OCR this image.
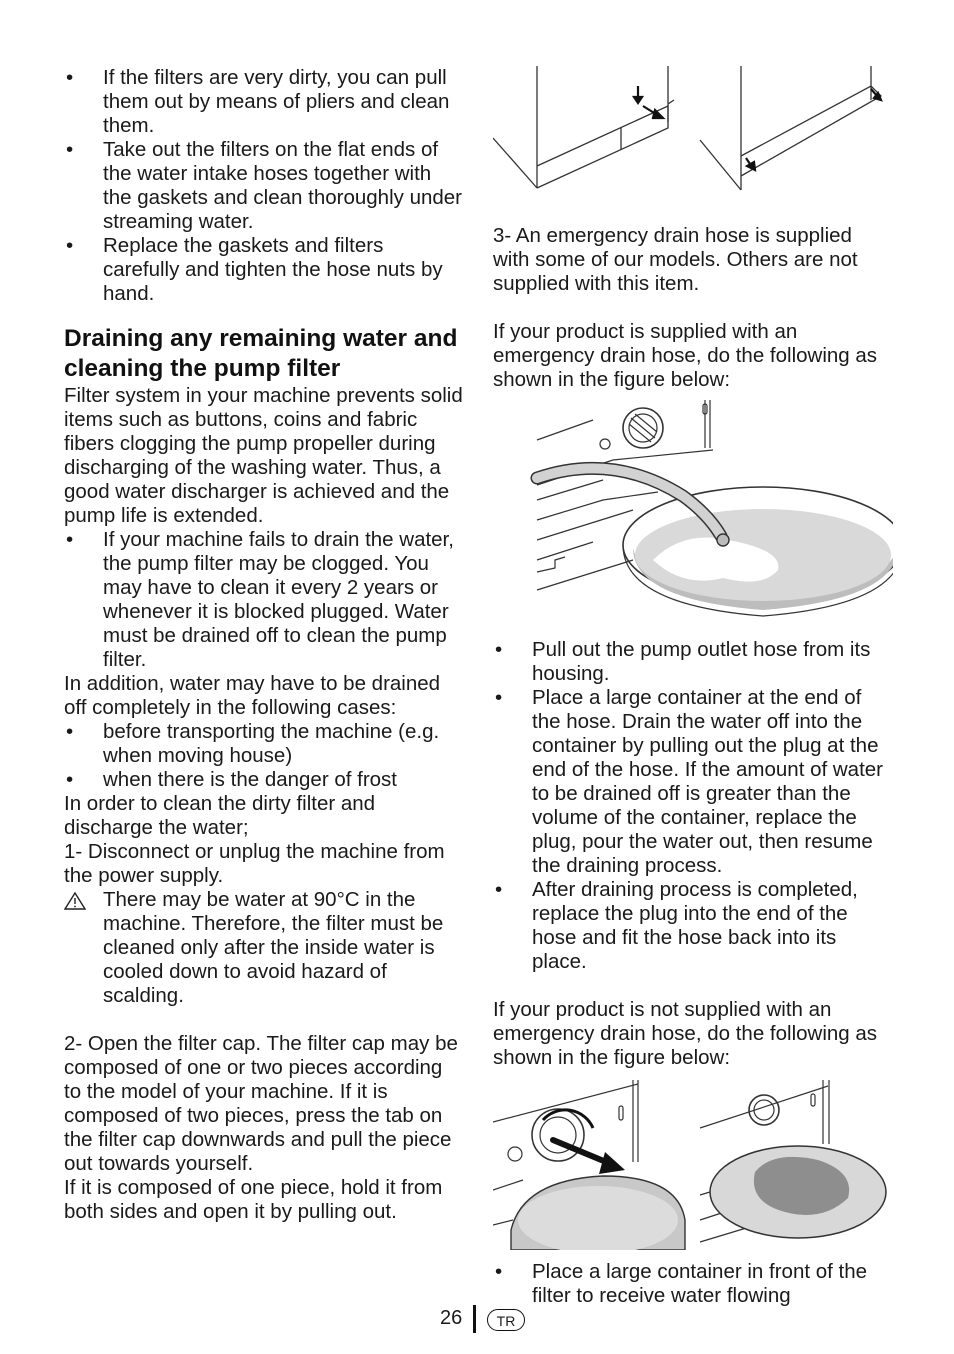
• If the filters are very dirty, you can pull them out by means of pliers and clean them.
• Take out the filters on the flat ends of the water intake hoses together with the gaskets and clean thoroughly under streaming water.
• Replace the gaskets and filters carefully and tighten the hose nuts by hand.
Draining any remaining water and cleaning the pump filter

Filter system in your machine prevents solid items such as buttons, coins and fabric fibers clogging the pump propeller during discharging of the washing water. Thus, a good water discharger is achieved and the pump life is extended.

• If your machine fails to drain the water, the pump filter may be clogged. You may have to clean it every 2 years or whenever it is blocked plugged. Water must be drained off to clean the pump filter.

In addition, water may have to be drained off completely in the following cases:

• before transporting the machine (e.g. when moving house)
• when there is the danger of frost

In order to clean the dirty filter and discharge the water;

1- Disconnect or unplug the machine from the power supply.

There may be water at 90°C in the machine. Therefore, the filter must be cleaned only after the inside water is cooled down to avoid hazard of scalding.

2- Open the filter cap. The filter cap may be composed of one or two pieces according to the model of your machine. If it is composed of two pieces, press the tab on the filter cap downwards and pull the piece out towards yourself.

If it is composed of one piece, hold it from both sides and open it by pulling out.

3- An emergency drain hose is supplied with some of our models. Others are not supplied with this item.

If your product is supplied with an emergency drain hose, do the following as shown in the figure below:

• Pull out the pump outlet hose from its housing.
• Place a large container at the end of the hose. Drain the water off into the container by pulling out the plug at the end of the hose. If the amount of water to be drained off is greater than the volume of the container, replace the plug, pour the water out, then resume the draining process.
• After draining process is completed, replace the plug into the end of the hose and fit the hose back into its place.

If your product is not supplied with an emergency drain hose, do the following as shown in the figure below:

• Place a large container in front of the filter to receive water flowing
26	TR
